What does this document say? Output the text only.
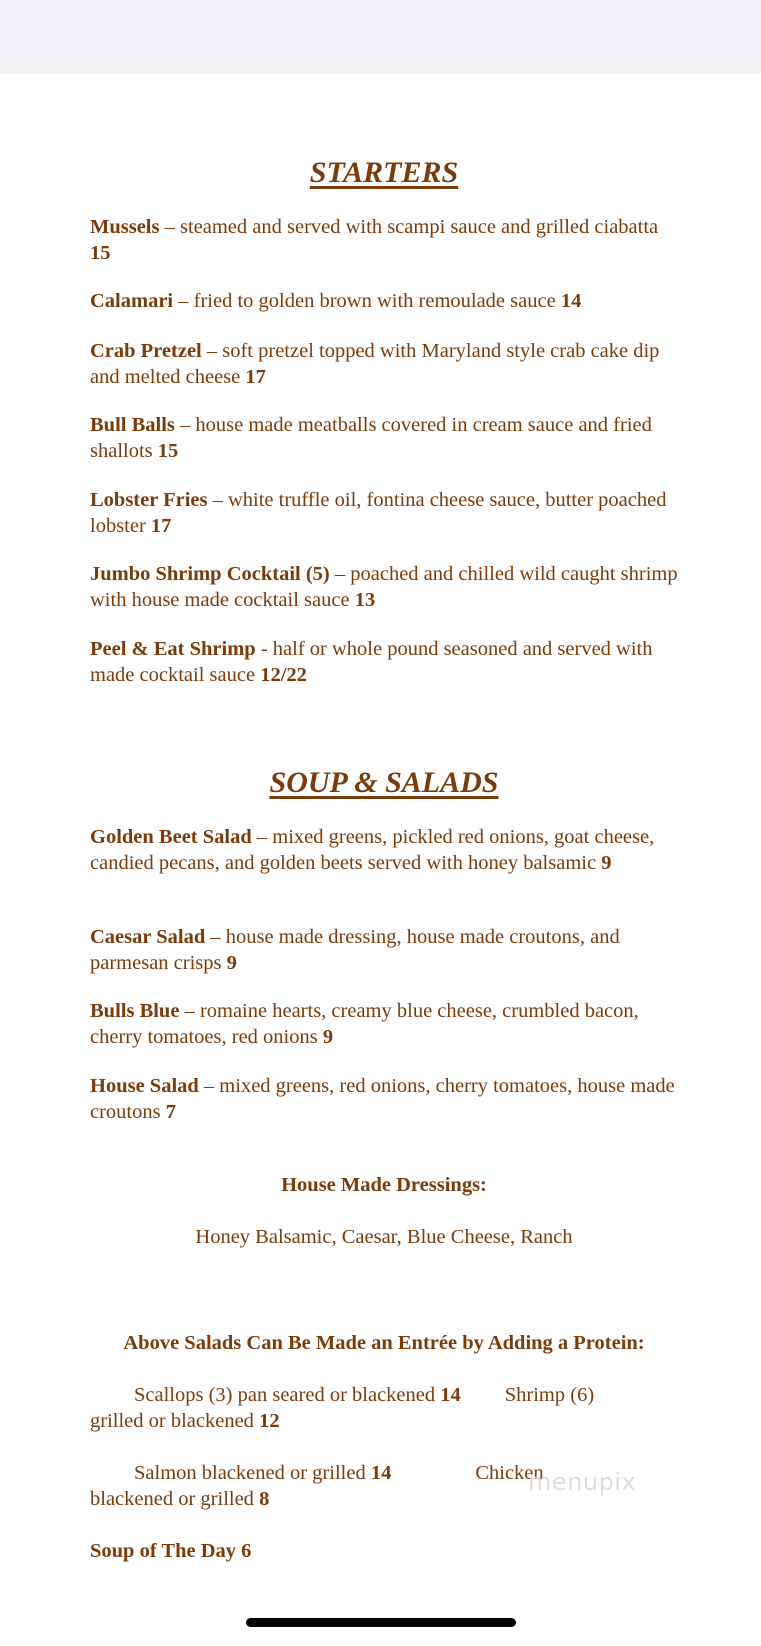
STARTERS
Mussels – steamed and served with scampi sauce and grilled ciabatta 15
Calamari – fried to golden brown with remoulade sauce 14
Crab Pretzel – soft pretzel topped with Maryland style crab cake dip and melted cheese 17
Bull Balls – house made meatballs covered in cream sauce and fried shallots 15
Lobster Fries – white truffle oil, fontina cheese sauce, butter poached lobster 17
Jumbo Shrimp Cocktail (5) – poached and chilled wild caught shrimp with house made cocktail sauce 13
Peel & Eat Shrimp - half or whole pound seasoned and served with made cocktail sauce 12/22
SOUP & SALADS
Golden Beet Salad – mixed greens, pickled red onions, goat cheese, candied pecans, and golden beets served with honey balsamic 9
Caesar Salad – house made dressing, house made croutons, and parmesan crisps 9
Bulls Blue – romaine hearts, creamy blue cheese, crumbled bacon, cherry tomatoes, red onions 9
House Salad – mixed greens, red onions, cherry tomatoes, house made croutons 7
House Made Dressings:
Honey Balsamic, Caesar, Blue Cheese, Ranch
Above Salads Can Be Made an Entrée by Adding a Protein:
Scallops (3) pan seared or blackened 14 Shrimp (6)
grilled or blackened 12
Salmon blackened or grilled 14	Chicken
blackened or grilled 8
Soup of The Day 6
menupix
